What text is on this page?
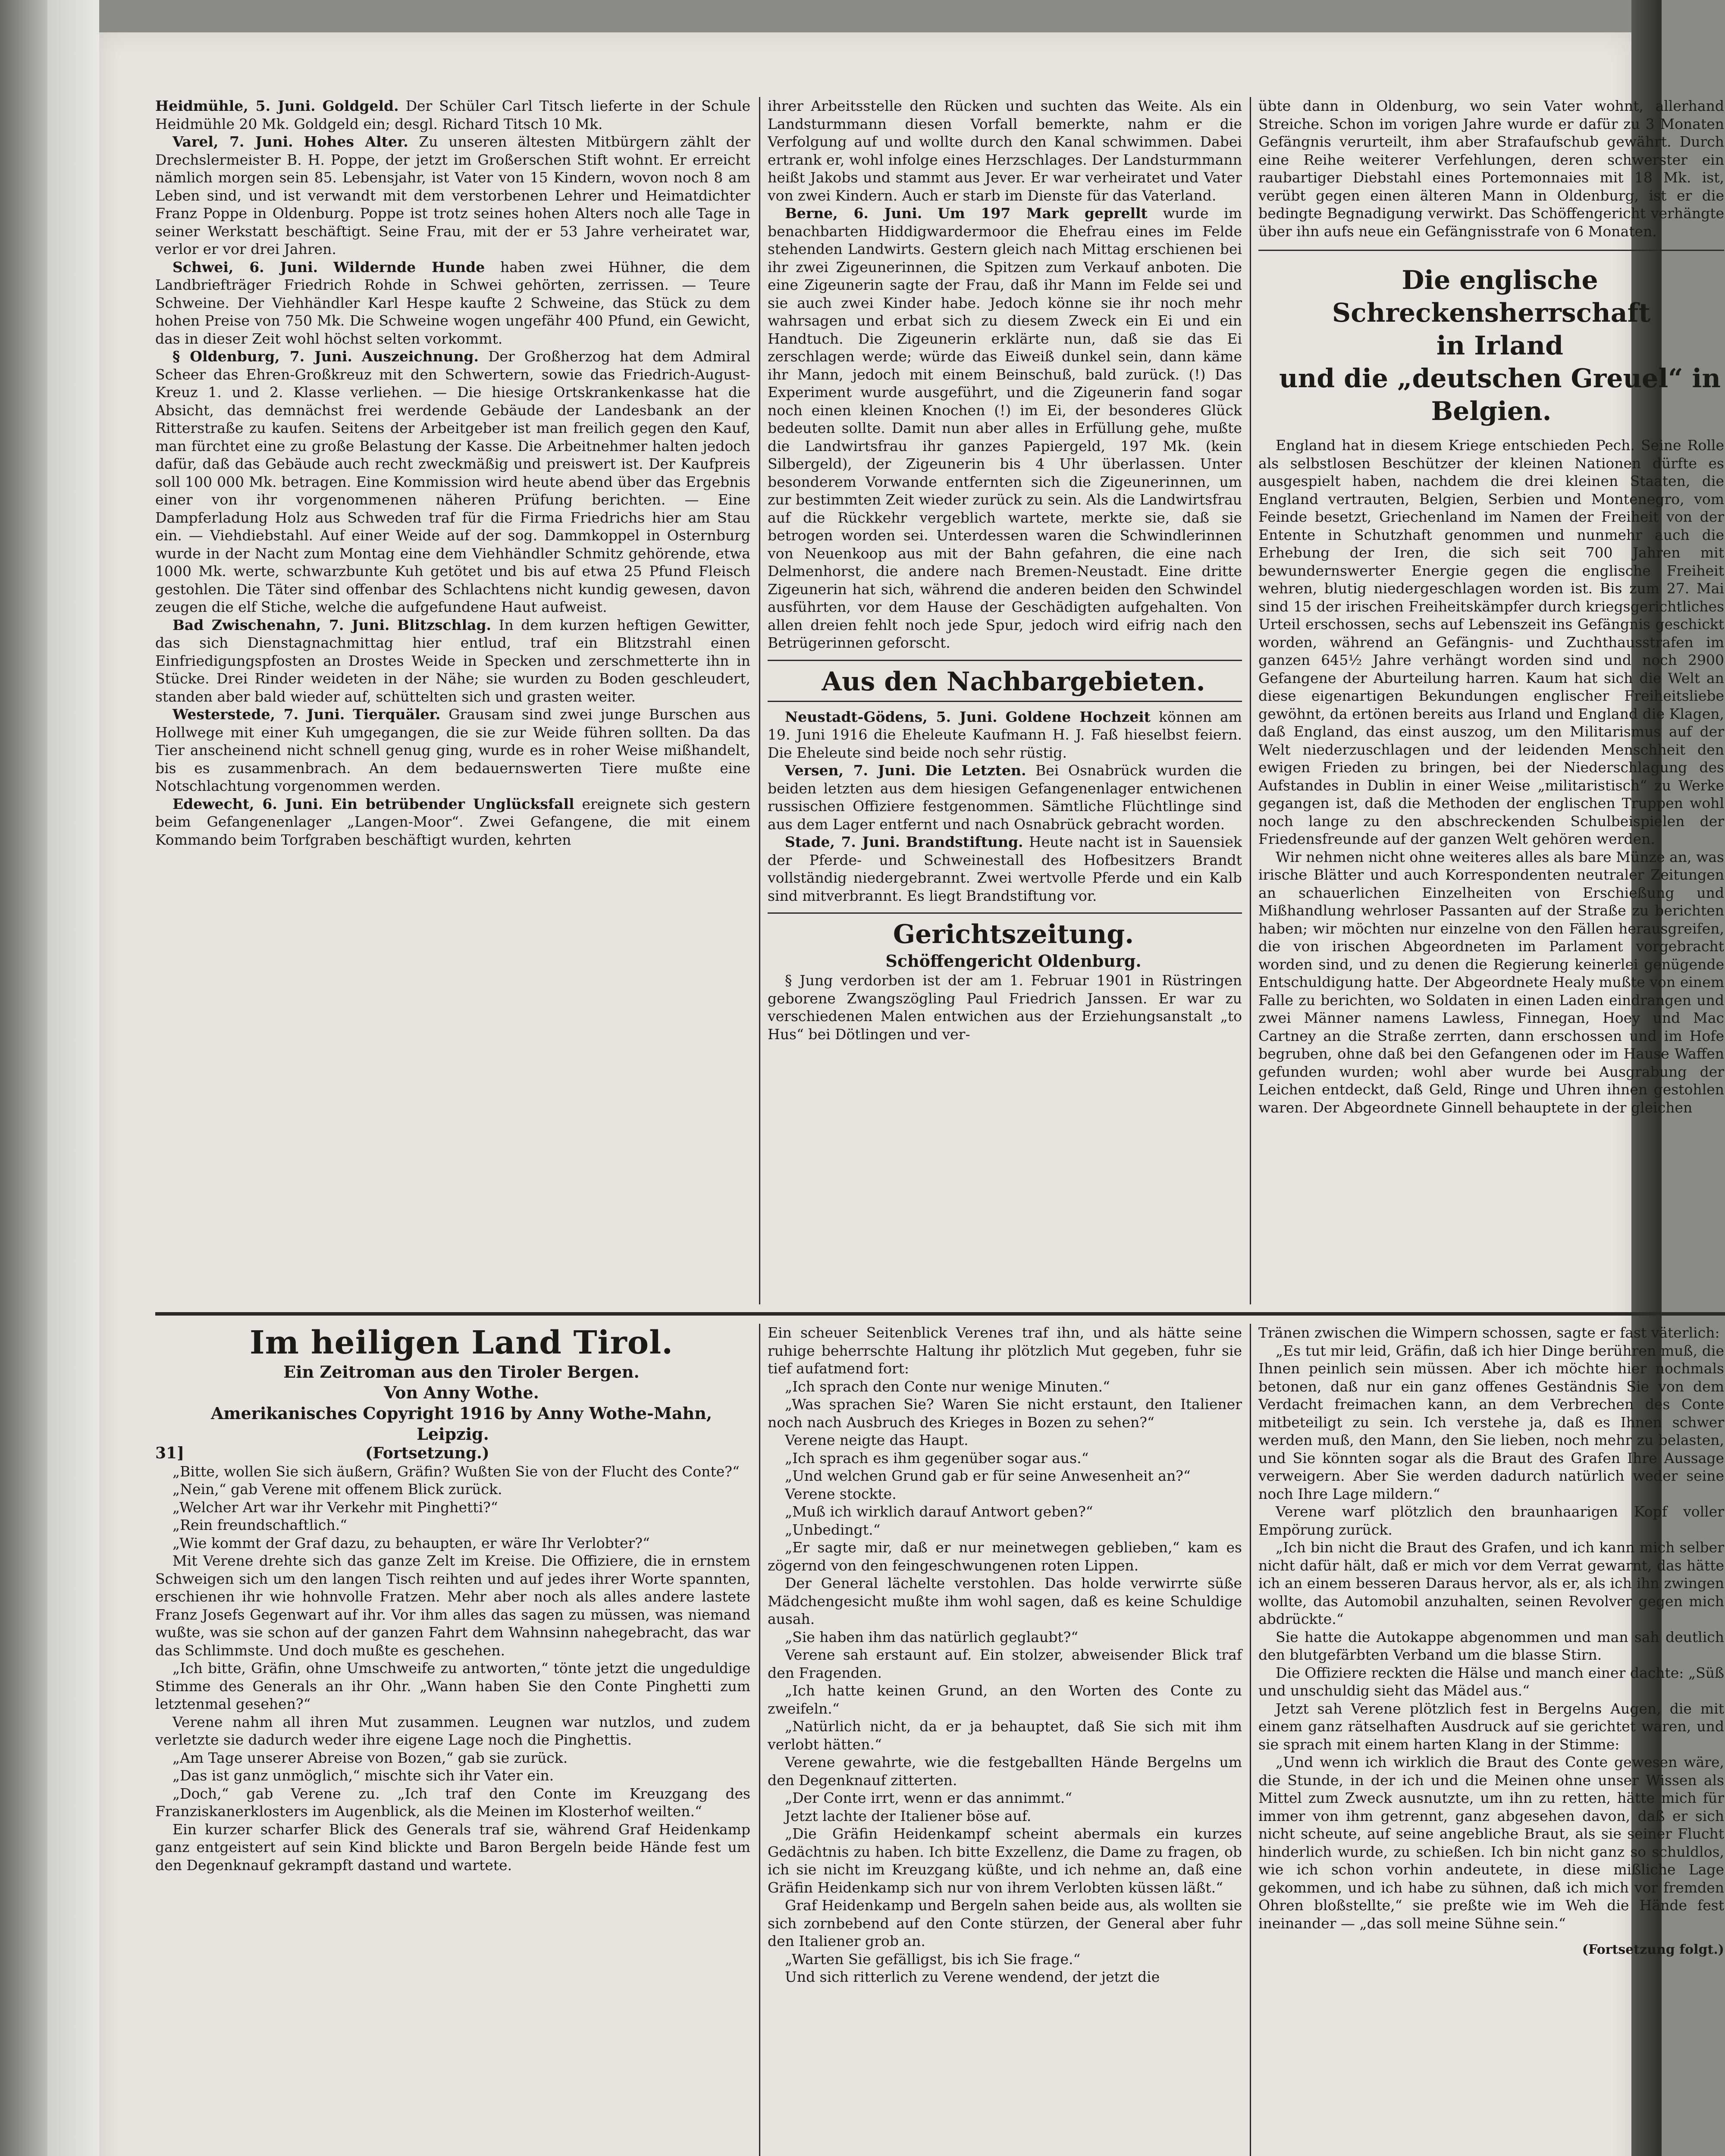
Heidmühle, 5. Juni. Goldgeld. Der Schüler Carl Titsch lieferte in der Schule Heidmühle 20 Mk. Goldgeld ein; desgl. Richard Titsch 10 Mk.

Varel, 7. Juni. Hohes Alter. Zu unseren ältesten Mitbürgern zählt der Drechslermeister B. H. Poppe, der jetzt im Großerschen Stift wohnt. Er erreicht nämlich morgen sein 85. Lebensjahr, ist Vater von 15 Kindern, wovon noch 8 am Leben sind, und ist verwandt mit dem verstorbenen Lehrer und Heimatdichter Franz Poppe in Oldenburg. Poppe ist trotz seines hohen Alters noch alle Tage in seiner Werkstatt beschäftigt. Seine Frau, mit der er 53 Jahre verheiratet war, verlor er vor drei Jahren.

Schwei, 6. Juni. Wildernde Hunde haben zwei Hühner, die dem Landbriefträger Friedrich Rohde in Schwei gehörten, zerrissen. — Teure Schweine. Der Viehhändler Karl Hespe kaufte 2 Schweine, das Stück zu dem hohen Preise von 750 Mk. Die Schweine wogen ungefähr 400 Pfund, ein Gewicht, das in dieser Zeit wohl höchst selten vorkommt.

§ Oldenburg, 7. Juni. Auszeichnung. Der Großherzog hat dem Admiral Scheer das Ehren-Großkreuz mit den Schwertern, sowie das Friedrich-August-Kreuz 1. und 2. Klasse verliehen. — Die hiesige Ortskrankenkasse hat die Absicht, das demnächst frei werdende Gebäude der Landesbank an der Ritterstraße zu kaufen. Seitens der Arbeitgeber ist man freilich gegen den Kauf, man fürchtet eine zu große Belastung der Kasse. Die Arbeitnehmer halten jedoch dafür, daß das Gebäude auch recht zweckmäßig und preiswert ist. Der Kaufpreis soll 100 000 Mk. betragen. Eine Kommission wird heute abend über das Ergebnis einer von ihr vorgenommenen näheren Prüfung berichten. — Eine Dampferladung Holz aus Schweden traf für die Firma Friedrichs hier am Stau ein. — Viehdiebstahl. Auf einer Weide auf der sog. Dammkoppel in Osternburg wurde in der Nacht zum Montag eine dem Viehhändler Schmitz gehörende, etwa 1000 Mk. werte, schwarzbunte Kuh getötet und bis auf etwa 25 Pfund Fleisch gestohlen. Die Täter sind offenbar des Schlachtens nicht kundig gewesen, davon zeugen die elf Stiche, welche die aufgefundene Haut aufweist.

Bad Zwischenahn, 7. Juni. Blitzschlag. In dem kurzen heftigen Gewitter, das sich Dienstagnachmittag hier entlud, traf ein Blitzstrahl einen Einfriedigungspfosten an Drostes Weide in Specken und zerschmetterte ihn in Stücke. Drei Rinder weideten in der Nähe; sie wurden zu Boden geschleudert, standen aber bald wieder auf, schüttelten sich und grasten weiter.

Westerstede, 7. Juni. Tierquäler. Grausam sind zwei junge Burschen aus Hollwege mit einer Kuh umgegangen, die sie zur Weide führen sollten. Da das Tier anscheinend nicht schnell genug ging, wurde es in roher Weise mißhandelt, bis es zusammenbrach. An dem bedauernswerten Tiere mußte eine Notschlachtung vorgenommen werden.

Edewecht, 6. Juni. Ein betrübender Unglücksfall ereignete sich gestern beim Gefangenenlager „Langen-Moor“. Zwei Gefangene, die mit einem Kommando beim Torfgraben beschäftigt wurden, kehrten

ihrer Arbeitsstelle den Rücken und suchten das Weite. Als ein Landsturmmann diesen Vorfall bemerkte, nahm er die Verfolgung auf und wollte durch den Kanal schwimmen. Dabei ertrank er, wohl infolge eines Herzschlages. Der Landsturmmann heißt Jakobs und stammt aus Jever. Er war verheiratet und Vater von zwei Kindern. Auch er starb im Dienste für das Vaterland.

Berne, 6. Juni. Um 197 Mark geprellt wurde im benachbarten Hiddigwardermoor die Ehefrau eines im Felde stehenden Landwirts. Gestern gleich nach Mittag erschienen bei ihr zwei Zigeunerinnen, die Spitzen zum Verkauf anboten. Die eine Zigeunerin sagte der Frau, daß ihr Mann im Felde sei und sie auch zwei Kinder habe. Jedoch könne sie ihr noch mehr wahrsagen und erbat sich zu diesem Zweck ein Ei und ein Handtuch. Die Zigeunerin erklärte nun, daß sie das Ei zerschlagen werde; würde das Eiweiß dunkel sein, dann käme ihr Mann, jedoch mit einem Beinschuß, bald zurück. (!) Das Experiment wurde ausgeführt, und die Zigeunerin fand sogar noch einen kleinen Knochen (!) im Ei, der besonderes Glück bedeuten sollte. Damit nun aber alles in Erfüllung gehe, mußte die Landwirtsfrau ihr ganzes Papiergeld, 197 Mk. (kein Silbergeld), der Zigeunerin bis 4 Uhr überlassen. Unter besonderem Vorwande entfernten sich die Zigeunerinnen, um zur bestimmten Zeit wieder zurück zu sein. Als die Landwirtsfrau auf die Rückkehr vergeblich wartete, merkte sie, daß sie betrogen worden sei. Unterdessen waren die Schwindlerinnen von Neuenkoop aus mit der Bahn gefahren, die eine nach Delmenhorst, die andere nach Bremen-Neustadt. Eine dritte Zigeunerin hat sich, während die anderen beiden den Schwindel ausführten, vor dem Hause der Geschädigten aufgehalten. Von allen dreien fehlt noch jede Spur, jedoch wird eifrig nach den Betrügerinnen geforscht.

Aus den Nachbargebieten.

Neustadt-Gödens, 5. Juni. Goldene Hochzeit können am 19. Juni 1916 die Eheleute Kaufmann H. J. Faß hieselbst feiern. Die Eheleute sind beide noch sehr rüstig.

Versen, 7. Juni. Die Letzten. Bei Osnabrück wurden die beiden letzten aus dem hiesigen Gefangenenlager entwichenen russischen Offiziere festgenommen. Sämtliche Flüchtlinge sind aus dem Lager entfernt und nach Osnabrück gebracht worden.

Stade, 7. Juni. Brandstiftung. Heute nacht ist in Sauensiek der Pferde- und Schweinestall des Hofbesitzers Brandt vollständig niedergebrannt. Zwei wertvolle Pferde und ein Kalb sind mitverbrannt. Es liegt Brandstiftung vor.

Gerichtszeitung.

Schöffengericht Oldenburg.

§ Jung verdorben ist der am 1. Februar 1901 in Rüstringen geborene Zwangszögling Paul Friedrich Janssen. Er war zu verschiedenen Malen entwichen aus der Erziehungsanstalt „to Hus“ bei Dötlingen und ver-

übte dann in Oldenburg, wo sein Vater wohnt, allerhand Streiche. Schon im vorigen Jahre wurde er dafür zu 3 Monaten Gefängnis verurteilt, ihm aber Strafaufschub gewährt. Durch eine Reihe weiterer Verfehlungen, deren schwerster ein raubartiger Diebstahl eines Portemonnaies mit 18 Mk. ist, verübt gegen einen älteren Mann in Oldenburg, ist er die bedingte Begnadigung verwirkt. Das Schöffengericht verhängte über ihn aufs neue ein Gefängnisstrafe von 6 Monaten.

Die englische Schreckensherrschaft

in Irland

und die „deutschen Greuel“ in Belgien.

England hat in diesem Kriege entschieden Pech. Seine Rolle als selbstlosen Beschützer der kleinen Nationen dürfte es ausgespielt haben, nachdem die drei kleinen Staaten, die England vertrauten, Belgien, Serbien und Montenegro, vom Feinde besetzt, Griechenland im Namen der Freiheit von der Entente in Schutzhaft genommen und nunmehr auch die Erhebung der Iren, die sich seit 700 Jahren mit bewundernswerter Energie gegen die englische Freiheit wehren, blutig niedergeschlagen worden ist. Bis zum 27. Mai sind 15 der irischen Freiheitskämpfer durch kriegsgerichtliches Urteil erschossen, sechs auf Lebenszeit ins Gefängnis geschickt worden, während an Gefängnis- und Zuchthausstrafen im ganzen 645½ Jahre verhängt worden sind und noch 2900 Gefangene der Aburteilung harren. Kaum hat sich die Welt an diese eigenartigen Bekundungen englischer Freiheitsliebe gewöhnt, da ertönen bereits aus Irland und England die Klagen, daß England, das einst auszog, um den Militarismus auf der Welt niederzuschlagen und der leidenden Menschheit den ewigen Frieden zu bringen, bei der Niederschlagung des Aufstandes in Dublin in einer Weise „militaristisch“ zu Werke gegangen ist, daß die Methoden der englischen Truppen wohl noch lange zu den abschreckenden Schulbeispielen der Friedensfreunde auf der ganzen Welt gehören werden.

Wir nehmen nicht ohne weiteres alles als bare Münze an, was irische Blätter und auch Korrespondenten neutraler Zeitungen an schauerlichen Einzelheiten von Erschießung und Mißhandlung wehrloser Passanten auf der Straße zu berichten haben; wir möchten nur einzelne von den Fällen herausgreifen, die von irischen Abgeordneten im Parlament vorgebracht worden sind, und zu denen die Regierung keinerlei genügende Entschuldigung hatte. Der Abgeordnete Healy mußte von einem Falle zu berichten, wo Soldaten in einen Laden eindrangen und zwei Männer namens Lawless, Finnegan, Hoey und Mac Cartney an die Straße zerrten, dann erschossen und im Hofe begruben, ohne daß bei den Gefangenen oder im Hause Waffen gefunden wurden; wohl aber wurde bei Ausgrabung der Leichen entdeckt, daß Geld, Ringe und Uhren ihnen gestohlen waren. Der Abgeordnete Ginnell behauptete in der gleichen

Im heiligen Land Tirol.

Ein Zeitroman aus den Tiroler Bergen.

Von Anny Wothe.

Amerikanisches Copyright 1916 by Anny Wothe-Mahn, Leipzig.

31]	(Fortsetzung.)

„Bitte, wollen Sie sich äußern, Gräfin? Wußten Sie von der Flucht des Conte?“

„Nein,“ gab Verene mit offenem Blick zurück.

„Welcher Art war ihr Verkehr mit Pinghetti?“

„Rein freundschaftlich.“

„Wie kommt der Graf dazu, zu behaupten, er wäre Ihr Verlobter?“

Mit Verene drehte sich das ganze Zelt im Kreise. Die Offiziere, die in ernstem Schweigen sich um den langen Tisch reihten und auf jedes ihrer Worte spannten, erschienen ihr wie hohnvolle Fratzen. Mehr aber noch als alles andere lastete Franz Josefs Gegenwart auf ihr. Vor ihm alles das sagen zu müssen, was niemand wußte, was sie schon auf der ganzen Fahrt dem Wahnsinn nahegebracht, das war das Schlimmste. Und doch mußte es geschehen.

„Ich bitte, Gräfin, ohne Umschweife zu antworten,“ tönte jetzt die ungeduldige Stimme des Generals an ihr Ohr. „Wann haben Sie den Conte Pinghetti zum letztenmal gesehen?“

Verene nahm all ihren Mut zusammen. Leugnen war nutzlos, und zudem verletzte sie dadurch weder ihre eigene Lage noch die Pinghettis.

„Am Tage unserer Abreise von Bozen,“ gab sie zurück.

„Das ist ganz unmöglich,“ mischte sich ihr Vater ein.

„Doch,“ gab Verene zu. „Ich traf den Conte im Kreuzgang des Franziskanerklosters im Augenblick, als die Meinen im Klosterhof weilten.“

Ein kurzer scharfer Blick des Generals traf sie, während Graf Heidenkamp ganz entgeistert auf sein Kind blickte und Baron Bergeln beide Hände fest um den Degenknauf gekrampft dastand und wartete.

Ein scheuer Seitenblick Verenes traf ihn, und als hätte seine ruhige beherrschte Haltung ihr plötzlich Mut gegeben, fuhr sie tief aufatmend fort:

„Ich sprach den Conte nur wenige Minuten.“

„Was sprachen Sie? Waren Sie nicht erstaunt, den Italiener noch nach Ausbruch des Krieges in Bozen zu sehen?“

Verene neigte das Haupt.

„Ich sprach es ihm gegenüber sogar aus.“

„Und welchen Grund gab er für seine Anwesenheit an?“

Verene stockte.

„Muß ich wirklich darauf Antwort geben?“

„Unbedingt.“

„Er sagte mir, daß er nur meinetwegen geblieben,“ kam es zögernd von den feingeschwungenen roten Lippen.

Der General lächelte verstohlen. Das holde verwirrte süße Mädchengesicht mußte ihm wohl sagen, daß es keine Schuldige ausah.

„Sie haben ihm das natürlich geglaubt?“

Verene sah erstaunt auf. Ein stolzer, abweisender Blick traf den Fragenden.

„Ich hatte keinen Grund, an den Worten des Conte zu zweifeln.“

„Natürlich nicht, da er ja behauptet, daß Sie sich mit ihm verlobt hätten.“

Verene gewahrte, wie die festgeballten Hände Bergelns um den Degenknauf zitterten.

„Der Conte irrt, wenn er das annimmt.“

Jetzt lachte der Italiener böse auf.

„Die Gräfin Heidenkampf scheint abermals ein kurzes Gedächtnis zu haben. Ich bitte Exzellenz, die Dame zu fragen, ob ich sie nicht im Kreuzgang küßte, und ich nehme an, daß eine Gräfin Heidenkamp sich nur von ihrem Verlobten küssen läßt.“

Graf Heidenkamp und Bergeln sahen beide aus, als wollten sie sich zornbebend auf den Conte stürzen, der General aber fuhr den Italiener grob an.

„Warten Sie gefälligst, bis ich Sie frage.“

Und sich ritterlich zu Verene wendend, der jetzt die

Tränen zwischen die Wimpern schossen, sagte er fast väterlich:

„Es tut mir leid, Gräfin, daß ich hier Dinge berühren muß, die Ihnen peinlich sein müssen. Aber ich möchte hier nochmals betonen, daß nur ein ganz offenes Geständnis Sie von dem Verdacht freimachen kann, an dem Verbrechen des Conte mitbeteiligt zu sein. Ich verstehe ja, daß es Ihnen schwer werden muß, den Mann, den Sie lieben, noch mehr zu belasten, und Sie könnten sogar als die Braut des Grafen Ihre Aussage verweigern. Aber Sie werden dadurch natürlich weder seine noch Ihre Lage mildern.“

Verene warf plötzlich den braunhaarigen Kopf voller Empörung zurück.

„Ich bin nicht die Braut des Grafen, und ich kann mich selber nicht dafür hält, daß er mich vor dem Verrat gewarnt, das hätte ich an einem besseren Daraus hervor, als er, als ich ihn zwingen wollte, das Automobil anzuhalten, seinen Revolver gegen mich abdrückte.“

Sie hatte die Autokappe abgenommen und man sah deutlich den blutgefärbten Verband um die blasse Stirn.

Die Offiziere reckten die Hälse und manch einer dachte: „Süß und unschuldig sieht das Mädel aus.“

Jetzt sah Verene plötzlich fest in Bergelns Augen, die mit einem ganz rätselhaften Ausdruck auf sie gerichtet waren, und sie sprach mit einem harten Klang in der Stimme:

„Und wenn ich wirklich die Braut des Conte gewesen wäre, die Stunde, in der ich und die Meinen ohne unser Wissen als Mittel zum Zweck ausnutzte, um ihn zu retten, hätte mich für immer von ihm getrennt, ganz abgesehen davon, daß er sich nicht scheute, auf seine angebliche Braut, als sie seiner Flucht hinderlich wurde, zu schießen. Ich bin nicht ganz so schuldlos, wie ich schon vorhin andeutete, in diese mißliche Lage gekommen, und ich habe zu sühnen, daß ich mich vor fremden Ohren bloßstellte,“ sie preßte wie im Weh die Hände fest ineinander — „das soll meine Sühne sein.“

(Fortsetzung folgt.)
